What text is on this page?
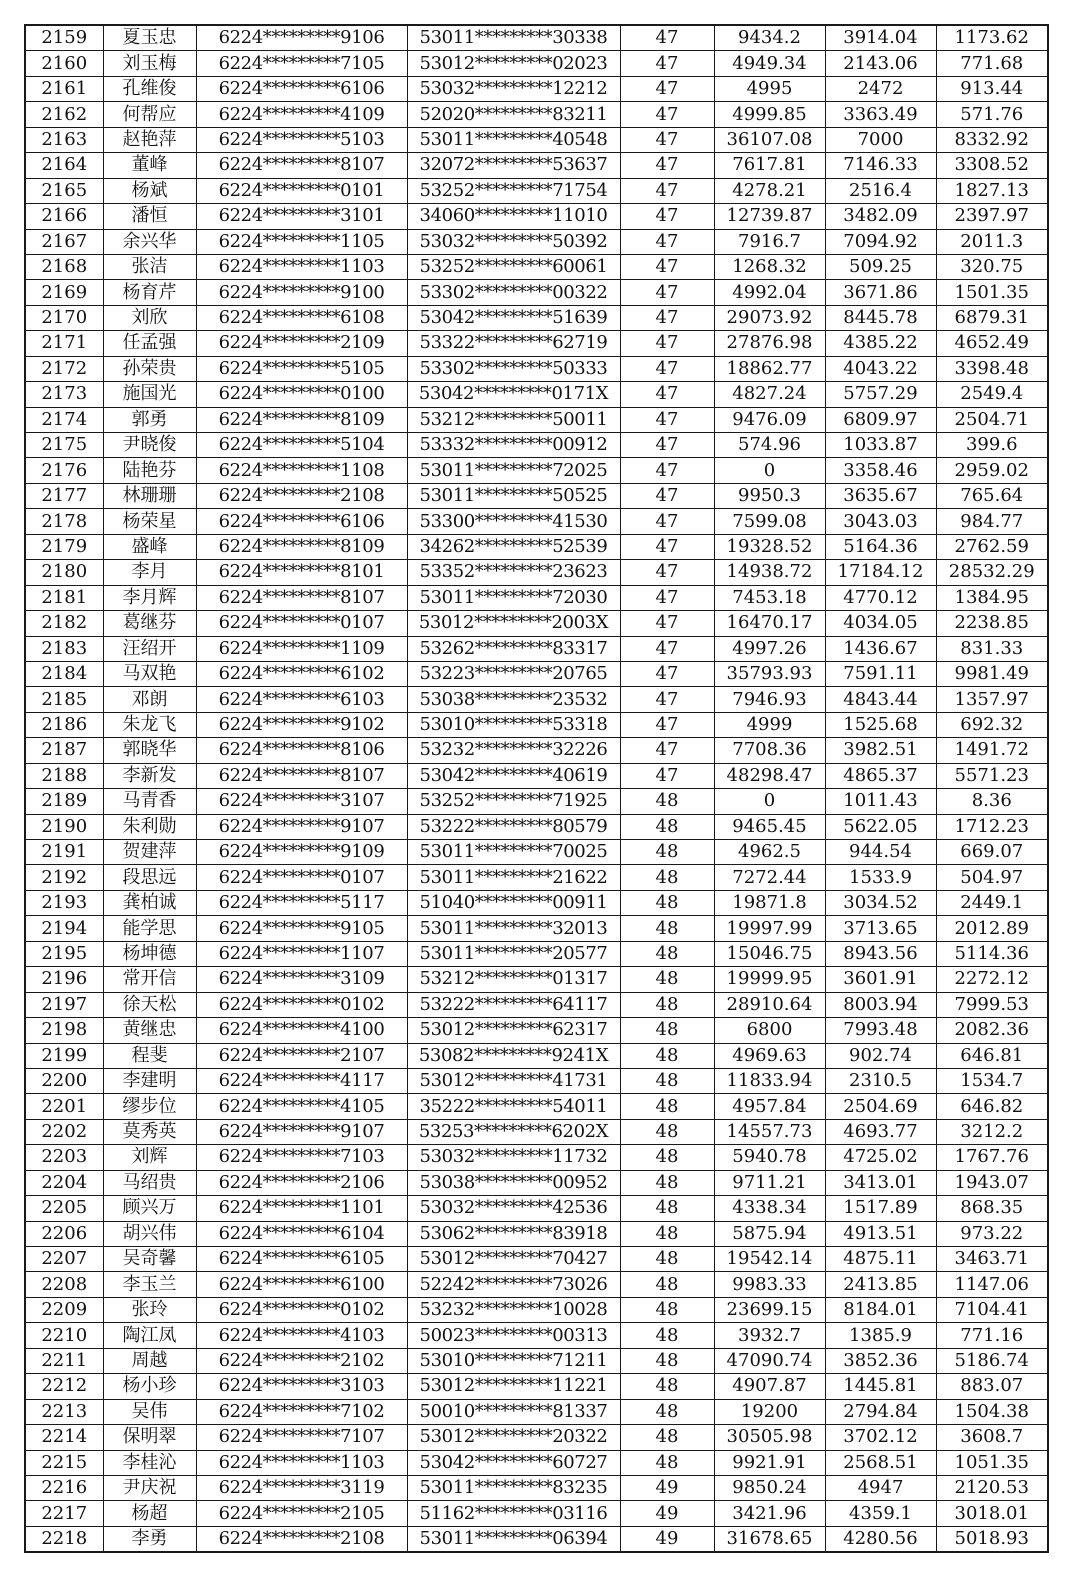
2159	夏玉忠	6224*********9106	53011*********30338	47	9434.2	3914.04	1173.62
2160	刘玉梅	6224*********7105	53012*********02023	47	4949.34	2143.06	771.68
2161	孔维俊	6224*********6106	53032*********12212	47	4995	2472	913.44
2162	何帮应	6224*********4109	52020*********83211	47	4999.85	3363.49	571.76
2163	赵艳萍	6224*********5103	53011*********40548	47	36107.08	7000	8332.92
2164	董峰	6224*********8107	32072*********53637	47	7617.81	7146.33	3308.52
2165	杨斌	6224*********0101	53252*********71754	47	4278.21	2516.4	1827.13
2166	潘恒	6224*********3101	34060*********11010	47	12739.87	3482.09	2397.97
2167	余兴华	6224*********1105	53032*********50392	47	7916.7	7094.92	2011.3
2168	张洁	6224*********1103	53252*********60061	47	1268.32	509.25	320.75
2169	杨育芹	6224*********9100	53302*********00322	47	4992.04	3671.86	1501.35
2170	刘欣	6224*********6108	53042*********51639	47	29073.92	8445.78	6879.31
2171	任孟强	6224*********2109	53322*********62719	47	27876.98	4385.22	4652.49
2172	孙荣贵	6224*********5105	53302*********50333	47	18862.77	4043.22	3398.48
2173	施国光	6224*********0100	53042*********0171X	47	4827.24	5757.29	2549.4
2174	郭勇	6224*********8109	53212*********50011	47	9476.09	6809.97	2504.71
2175	尹晓俊	6224*********5104	53332*********00912	47	574.96	1033.87	399.6
2176	陆艳芬	6224*********1108	53011*********72025	47	0	3358.46	2959.02
2177	林珊珊	6224*********2108	53011*********50525	47	9950.3	3635.67	765.64
2178	杨荣星	6224*********6106	53300*********41530	47	7599.08	3043.03	984.77
2179	盛峰	6224*********8109	34262*********52539	47	19328.52	5164.36	2762.59
2180	李月	6224*********8101	53352*********23623	47	14938.72	17184.12	28532.29
2181	李月辉	6224*********8107	53011*********72030	47	7453.18	4770.12	1384.95
2182	葛继芬	6224*********0107	53012*********2003X	47	16470.17	4034.05	2238.85
2183	汪绍开	6224*********1109	53262*********83317	47	4997.26	1436.67	831.33
2184	马双艳	6224*********6102	53223*********20765	47	35793.93	7591.11	9981.49
2185	邓朗	6224*********6103	53038*********23532	47	7946.93	4843.44	1357.97
2186	朱龙飞	6224*********9102	53010*********53318	47	4999	1525.68	692.32
2187	郭晓华	6224*********8106	53232*********32226	47	7708.36	3982.51	1491.72
2188	李新发	6224*********8107	53042*********40619	47	48298.47	4865.37	5571.23
2189	马青香	6224*********3107	53252*********71925	48	0	1011.43	8.36
2190	朱利勋	6224*********9107	53222*********80579	48	9465.45	5622.05	1712.23
2191	贺建萍	6224*********9109	53011*********70025	48	4962.5	944.54	669.07
2192	段思远	6224*********0107	53011*********21622	48	7272.44	1533.9	504.97
2193	龚柏诚	6224*********5117	51040*********00911	48	19871.8	3034.52	2449.1
2194	能学思	6224*********9105	53011*********32013	48	19997.99	3713.65	2012.89
2195	杨坤德	6224*********1107	53011*********20577	48	15046.75	8943.56	5114.36
2196	常开信	6224*********3109	53212*********01317	48	19999.95	3601.91	2272.12
2197	徐天松	6224*********0102	53222*********64117	48	28910.64	8003.94	7999.53
2198	黄继忠	6224*********4100	53012*********62317	48	6800	7993.48	2082.36
2199	程斐	6224*********2107	53082*********9241X	48	4969.63	902.74	646.81
2200	李建明	6224*********4117	53012*********41731	48	11833.94	2310.5	1534.7
2201	缪步位	6224*********4105	35222*********54011	48	4957.84	2504.69	646.82
2202	莫秀英	6224*********9107	53253*********6202X	48	14557.73	4693.77	3212.2
2203	刘辉	6224*********7103	53032*********11732	48	5940.78	4725.02	1767.76
2204	马绍贵	6224*********2106	53038*********00952	48	9711.21	3413.01	1943.07
2205	顾兴万	6224*********1101	53032*********42536	48	4338.34	1517.89	868.35
2206	胡兴伟	6224*********6104	53062*********83918	48	5875.94	4913.51	973.22
2207	吴奇馨	6224*********6105	53012*********70427	48	19542.14	4875.11	3463.71
2208	李玉兰	6224*********6100	52242*********73026	48	9983.33	2413.85	1147.06
2209	张玲	6224*********0102	53232*********10028	48	23699.15	8184.01	7104.41
2210	陶江凤	6224*********4103	50023*********00313	48	3932.7	1385.9	771.16
2211	周越	6224*********2102	53010*********71211	48	47090.74	3852.36	5186.74
2212	杨小珍	6224*********3103	53012*********11221	48	4907.87	1445.81	883.07
2213	吴伟	6224*********7102	50010*********81337	48	19200	2794.84	1504.38
2214	保明翠	6224*********7107	53012*********20322	48	30505.98	3702.12	3608.7
2215	李桂沁	6224*********1103	53042*********60727	48	9921.91	2568.51	1051.35
2216	尹庆祝	6224*********3119	53011*********83235	49	9850.24	4947	2120.53
2217	杨超	6224*********2105	51162*********03116	49	3421.96	4359.1	3018.01
2218	李勇	6224*********2108	53011*********06394	49	31678.65	4280.56	5018.93
